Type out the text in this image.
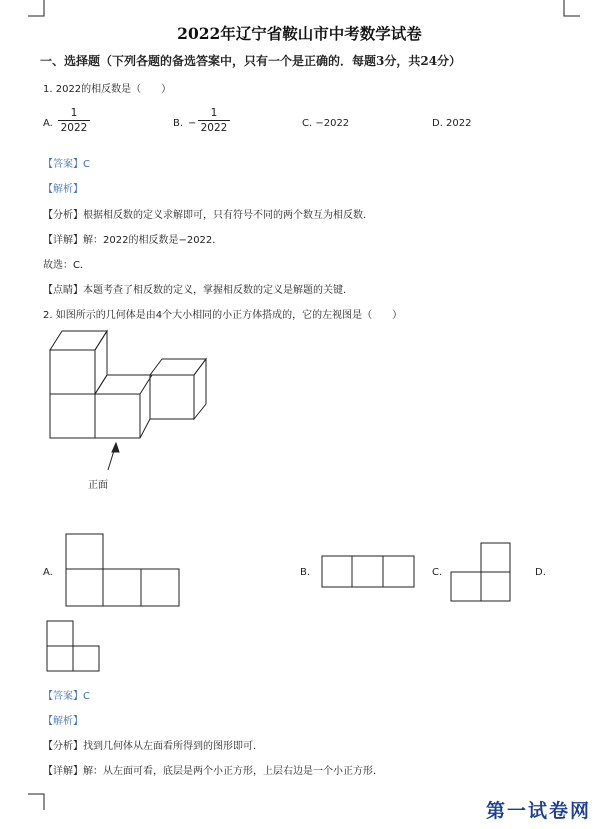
2022年辽宁省鞍山市中考数学试卷
一、选择题（下列各题的备选答案中，只有一个是正确的．每题3分，共24分）
1. 2022的相反数是（　　）
A. $\frac{1}{2022}$	B. − $\frac{1}{2022}$	C. −2022	D. 2022
【答案】C
【解析】
【分析】根据相反数的定义求解即可，只有符号不同的两个数互为相反数．
【详解】解：2022的相反数是−2022．
故选：C．
【点睛】本题考查了相反数的定义，掌握相反数的定义是解题的关键．
2. 如图所示的几何体是由4个大小相同的小正方体搭成的，它的左视图是（　　）
正面
A.	B.	C.	D.
【答案】C
【解析】
【分析】找到几何体从左面看所得到的图形即可．
【详解】解：从左面可看，底层是两个小正方形，上层右边是一个小正方形．
第一试卷网
